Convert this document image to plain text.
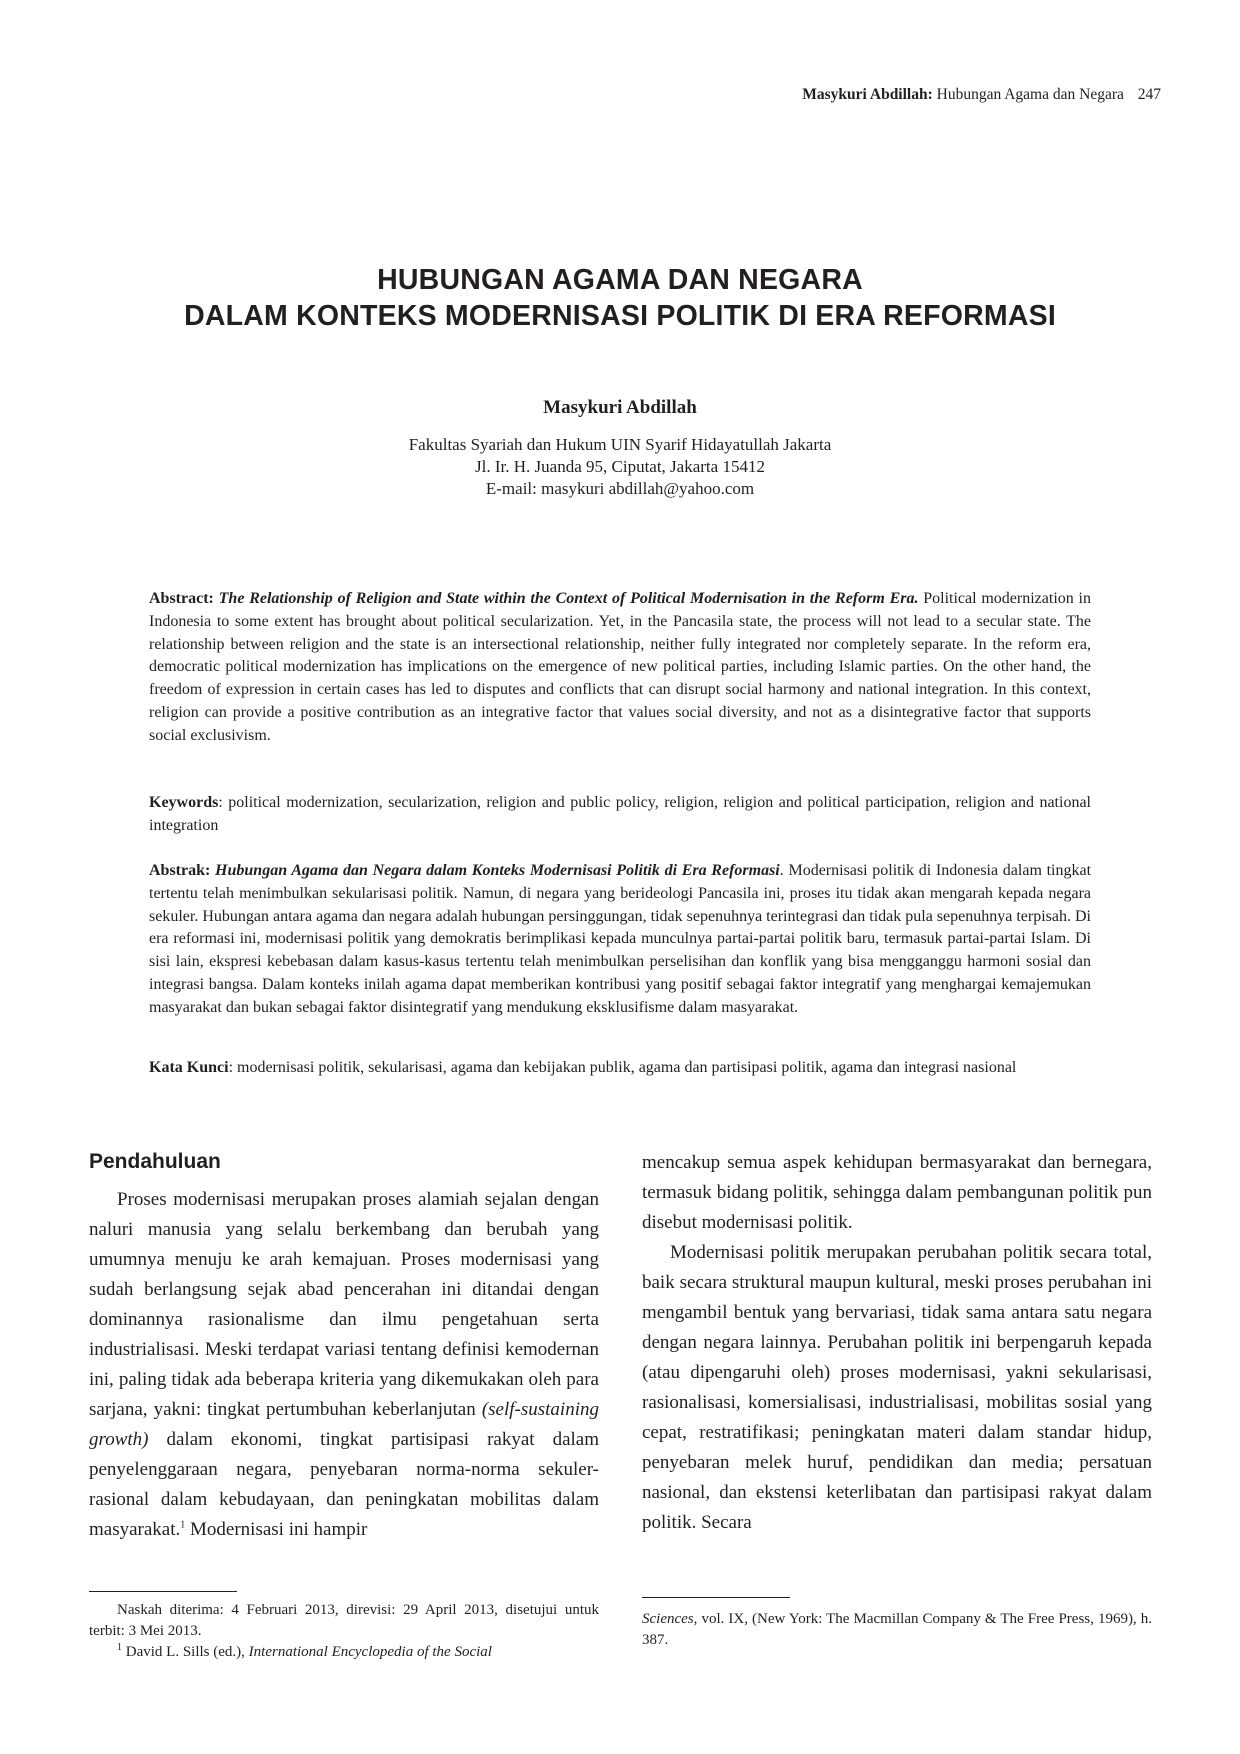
Masykuri Abdillah: Hubungan Agama dan Negara 247
HUBUNGAN AGAMA DAN NEGARA
DALAM KONTEKS MODERNISASI POLITIK DI ERA REFORMASI
Masykuri Abdillah
Fakultas Syariah dan Hukum UIN Syarif Hidayatullah Jakarta
Jl. Ir. H. Juanda 95, Ciputat, Jakarta 15412
E-mail: masykuri abdillah@yahoo.com
Abstract: The Relationship of Religion and State within the Context of Political Modernisation in the Reform Era. Political modernization in Indonesia to some extent has brought about political secularization. Yet, in the Pancasila state, the process will not lead to a secular state. The relationship between religion and the state is an intersectional relationship, neither fully integrated nor completely separate. In the reform era, democratic political modernization has implications on the emergence of new political parties, including Islamic parties. On the other hand, the freedom of expression in certain cases has led to disputes and conflicts that can disrupt social harmony and national integration. In this context, religion can provide a positive contribution as an integrative factor that values social diversity, and not as a disintegrative factor that supports social exclusivism.
Keywords: political modernization, secularization, religion and public policy, religion, religion and political participation, religion and national integration
Abstrak: Hubungan Agama dan Negara dalam Konteks Modernisasi Politik di Era Reformasi. Modernisasi politik di Indonesia dalam tingkat tertentu telah menimbulkan sekularisasi politik. Namun, di negara yang berideologi Pancasila ini, proses itu tidak akan mengarah kepada negara sekuler. Hubungan antara agama dan negara adalah hubungan persinggungan, tidak sepenuhnya terintegrasi dan tidak pula sepenuhnya terpisah. Di era reformasi ini, modernisasi politik yang demokratis berimplikasi kepada munculnya partai-partai politik baru, termasuk partai-partai Islam. Di sisi lain, ekspresi kebebasan dalam kasus-kasus tertentu telah menimbulkan perselisihan dan konflik yang bisa mengganggu harmoni sosial dan integrasi bangsa. Dalam konteks inilah agama dapat memberikan kontribusi yang positif sebagai faktor integratif yang menghargai kemajemukan masyarakat dan bukan sebagai faktor disintegratif yang mendukung eksklusifisme dalam masyarakat.
Kata Kunci: modernisasi politik, sekularisasi, agama dan kebijakan publik, agama dan partisipasi politik, agama dan integrasi nasional
Pendahuluan

Proses modernisasi merupakan proses alamiah sejalan dengan naluri manusia yang selalu berkembang dan berubah yang umumnya menuju ke arah kemajuan. Proses modernisasi yang sudah berlangsung sejak abad pencerahan ini ditandai dengan dominannya rasionalisme dan ilmu pengetahuan serta industrialisasi. Meski terdapat variasi tentang definisi kemodernan ini, paling tidak ada beberapa kriteria yang dikemukakan oleh para sarjana, yakni: tingkat pertumbuhan keberlanjutan (self-sustaining growth) dalam ekonomi, tingkat partisipasi rakyat dalam penyelenggaraan negara, penyebaran norma-norma sekuler-rasional dalam kebudayaan, dan peningkatan mobilitas dalam masyarakat.$^1$ Modernisasi ini hampir

mencakup semua aspek kehidupan bermasyarakat dan bernegara, termasuk bidang politik, sehingga dalam pembangunan politik pun disebut modernisasi politik.

Modernisasi politik merupakan perubahan politik secara total, baik secara struktural maupun kultural, meski proses perubahan ini mengambil bentuk yang bervariasi, tidak sama antara satu negara dengan negara lainnya. Perubahan politik ini berpengaruh kepada (atau dipengaruhi oleh) proses modernisasi, yakni sekularisasi, rasionalisasi, komersialisasi, industrialisasi, mobilitas sosial yang cepat, restratifikasi; peningkatan materi dalam standar hidup, penyebaran melek huruf, pendidikan dan media; persatuan nasional, dan ekstensi keterlibatan dan partisipasi rakyat dalam politik. Secara

Naskah diterima: 4 Februari 2013, direvisi: 29 April 2013, disetujui untuk terbit: 3 Mei 2013.

$^1$ David L. Sills (ed.), International Encyclopedia of the Social

Sciences, vol. IX, (New York: The Macmillan Company & The Free Press, 1969), h. 387.
